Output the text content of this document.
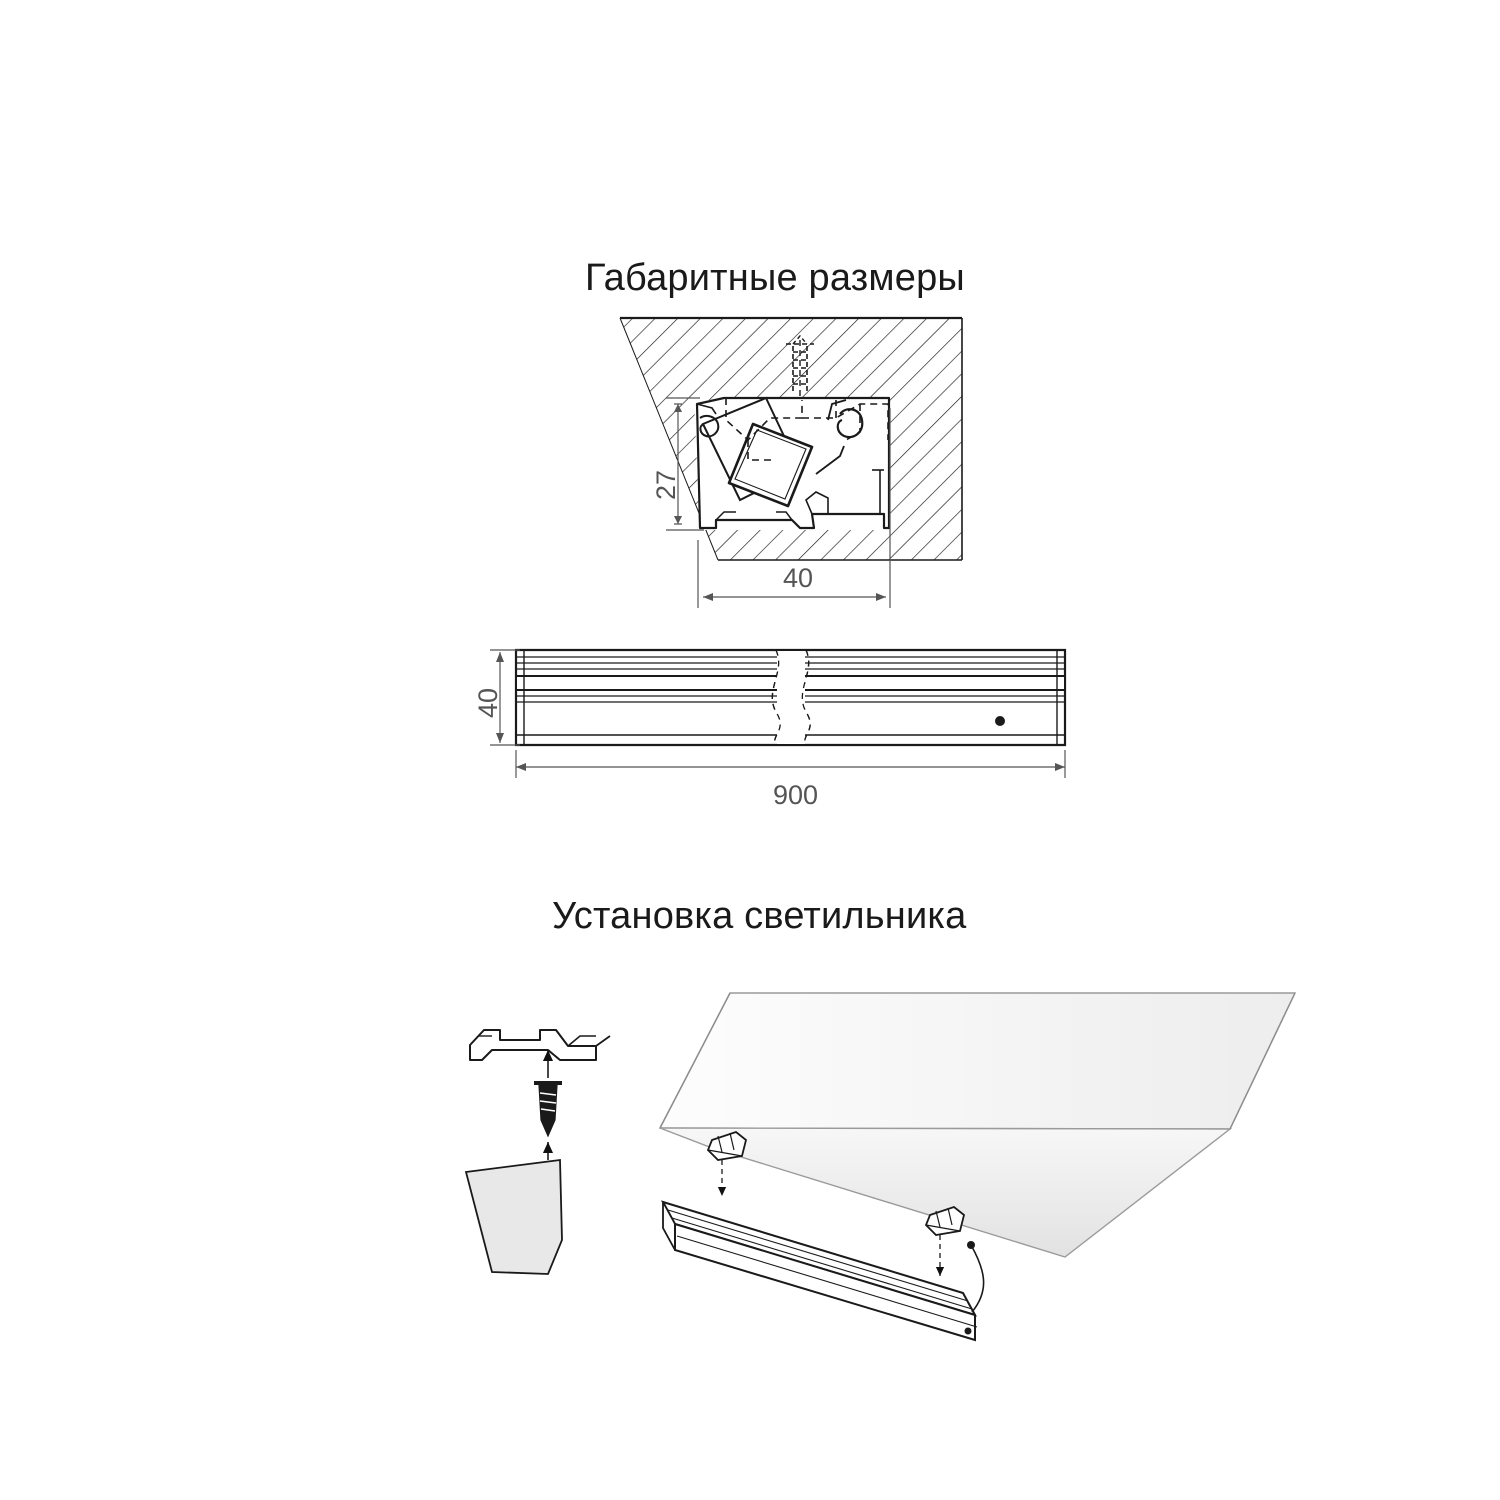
Габаритные размеры
Установка светильника
27
40
40
900
